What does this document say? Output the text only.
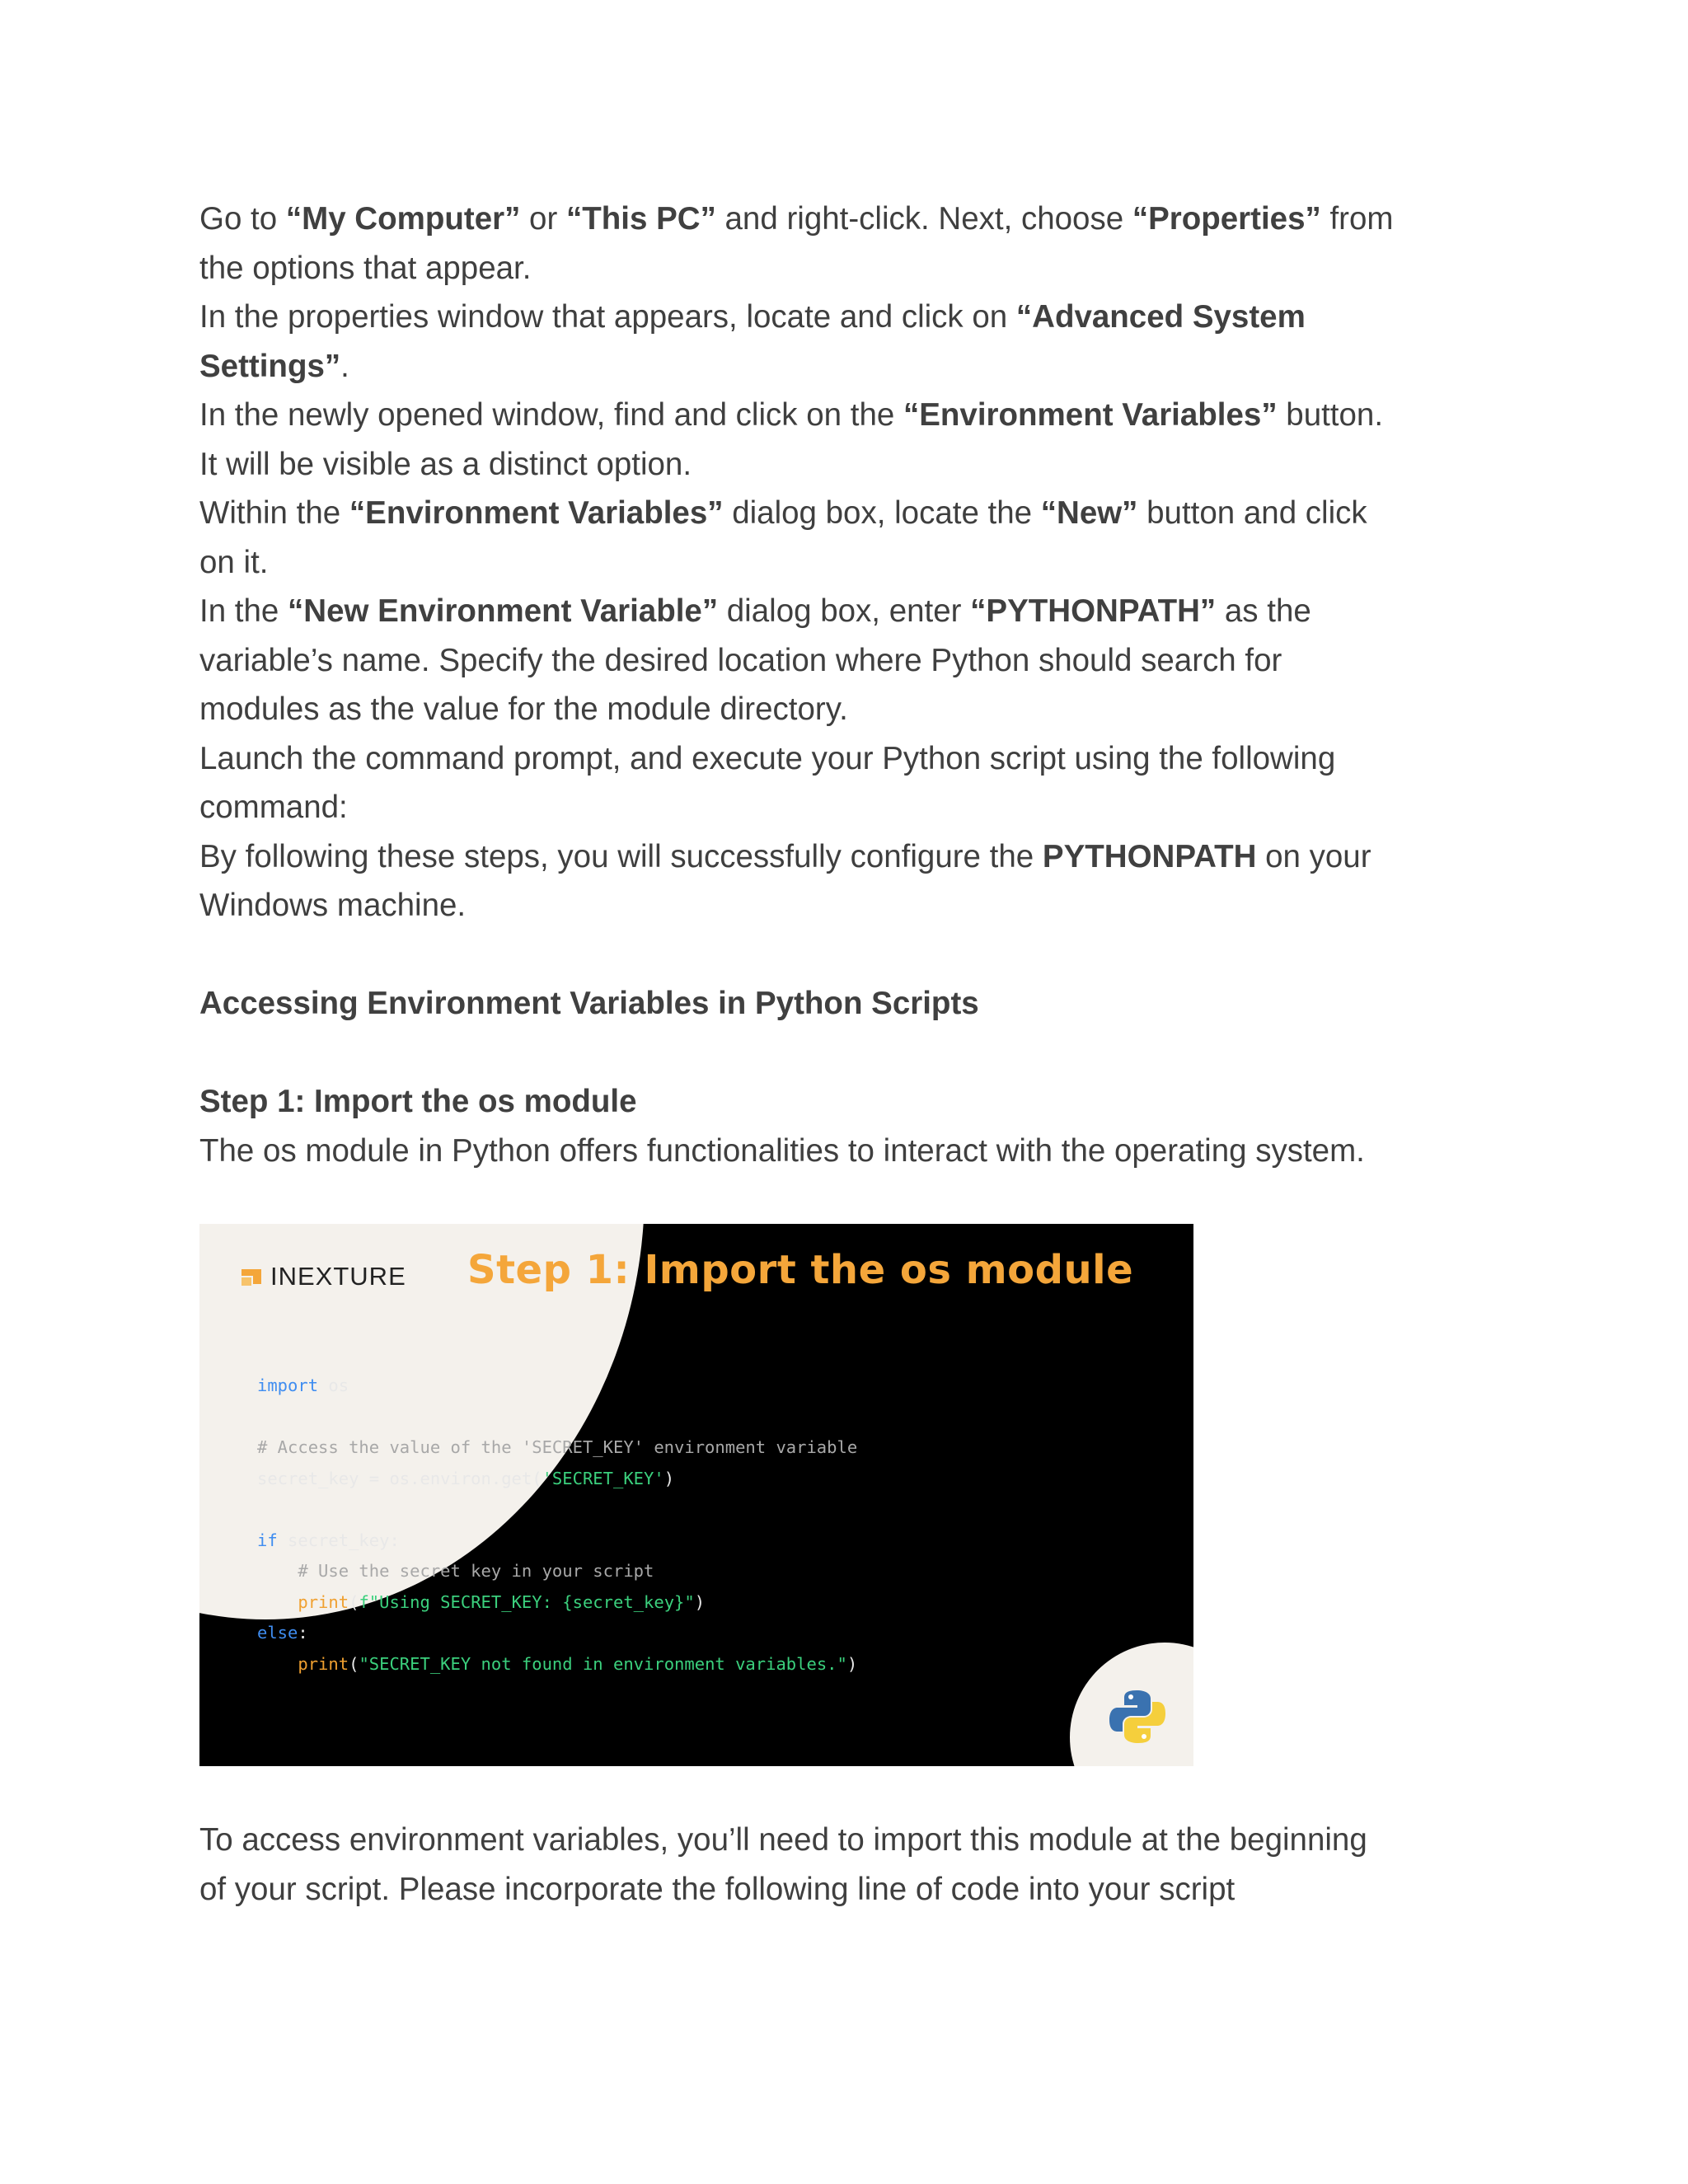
Go to “My Computer” or “This PC” and right-click. Next, choose “Properties” from
the options that appear.

In the properties window that appears, locate and click on “Advanced System
Settings”.

In the newly opened window, find and click on the “Environment Variables” button.
It will be visible as a distinct option.

Within the “Environment Variables” dialog box, locate the “New” button and click
on it.

In the “New Environment Variable” dialog box, enter “PYTHONPATH” as the
variable’s name. Specify the desired location where Python should search for
modules as the value for the module directory.

Launch the command prompt, and execute your Python script using the following
command:

By following these steps, you will successfully configure the PYTHONPATH on your
Windows machine.

Accessing Environment Variables in Python Scripts

Step 1: Import the os module

The os module in Python offers functionalities to interact with the operating system.

INEXTURE Step 1: Import the os module
import os

# Access the value of the 'SECRET_KEY' environment variable
secret_key = os.environ.get('SECRET_KEY')

if secret_key:
# Use the secret key in your script
print(f"Using SECRET_KEY: {secret_key}")
else:
print("SECRET_KEY not found in environment variables.")

To access environment variables, you’ll need to import this module at the beginning
of your script. Please incorporate the following line of code into your script
